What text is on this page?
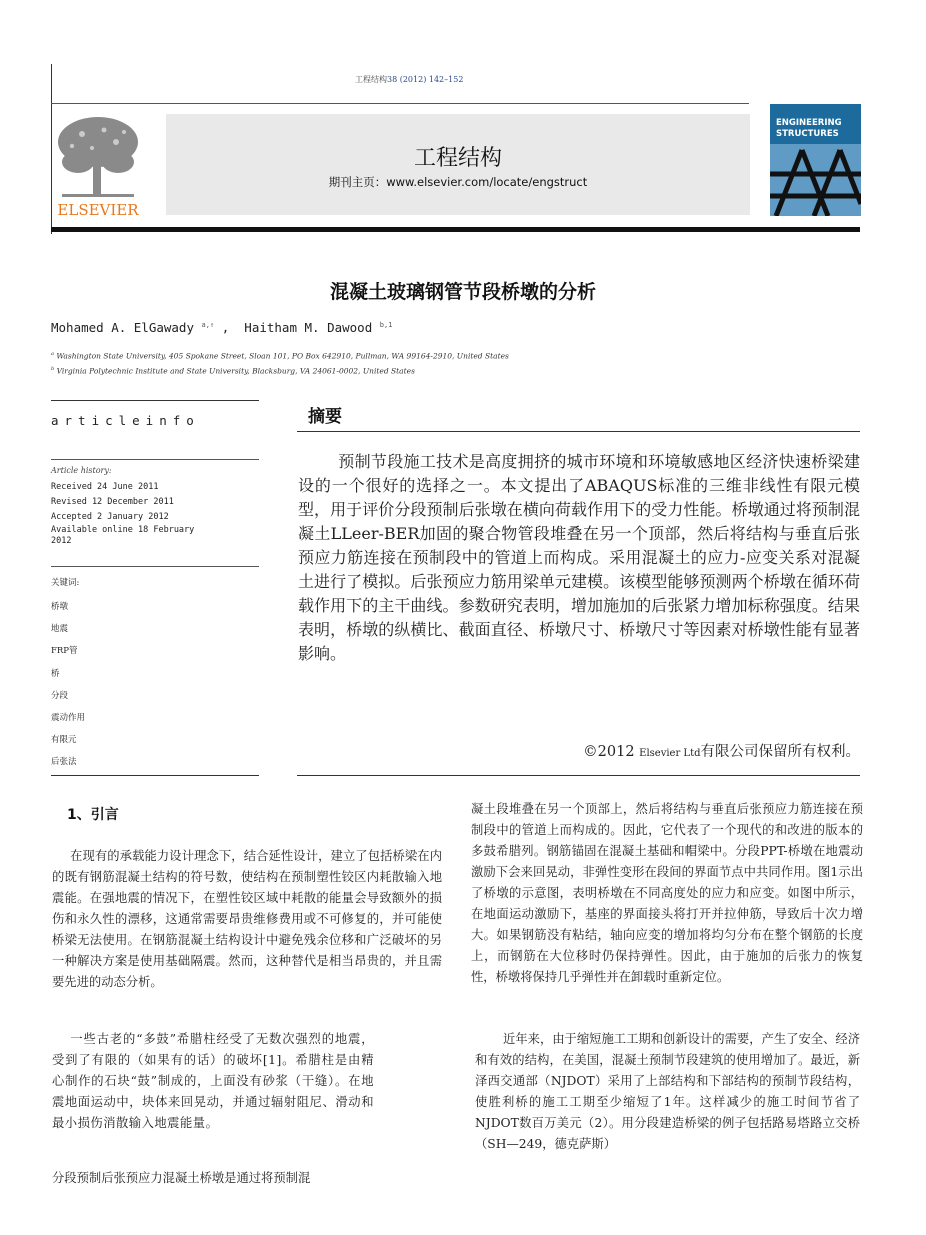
工程结构38 (2012) 142–152
ELSEVIER
工程结构
期刊主页：www.elsevier.com/locate/engstruct
ENGINEERING
STRUCTURES
混凝土玻璃钢管节段桥墩的分析
Mohamed A. ElGawady $^{a,⇑}$ ,  Haitham M. Dawood $^{b,1}$
$^a$ Washington State University, 405 Spokane Street, Sloan 101, PO Box 642910, Pullman, WA 99164-2910, United States
$^b$ Virginia Polytechnic Institute and State University, Blacksburg, VA 24061-0002, United States
articleinfo
Article history:
Received 24 June 2011
Revised 12 December 2011
Accepted 2 January 2012
Available online 18 February 2012
关键词:
桥墩
地震
FRP管
桥
分段
震动作用
有限元
后张法
摘要
预制节段施工技术是高度拥挤的城市环境和环境敏感地区经济快速桥梁建设的一个很好的选择之一。本文提出了ABAQUS标准的三维非线性有限元模型，用于评价分段预制后张墩在横向荷载作用下的受力性能。桥墩通过将预制混凝土LLeer-BER加固的聚合物管段堆叠在另一个顶部，然后将结构与垂直后张预应力筋连接在预制段中的管道上而构成。采用混凝土的应力-应变关系对混凝土进行了模拟。后张预应力筋用梁单元建模。该模型能够预测两个桥墩在循环荷载作用下的主干曲线。参数研究表明，增加施加的后张紧力增加标称强度。结果表明，桥墩的纵横比、截面直径、桥墩尺寸、桥墩尺寸等因素对桥墩性能有显著影响。
©2012 Elsevier Ltd有限公司保留所有权利。
1、引言
在现有的承载能力设计理念下，结合延性设计，建立了包括桥梁在内的既有钢筋混凝土结构的符号数，使结构在预制塑性铰区内耗散输入地震能。在强地震的情况下，在塑性铰区域中耗散的能量会导致额外的损伤和永久性的漂移，这通常需要昂贵维修费用或不可修复的，并可能使桥梁无法使用。在钢筋混凝土结构设计中避免残余位移和广泛破坏的另一种解决方案是使用基础隔震。然而，这种替代是相当昂贵的，并且需要先进的动态分析。
一些古老的“多鼓”希腊柱经受了无数次强烈的地震，受到了有限的（如果有的话）的破坏[1]。希腊柱是由精心制作的石块“鼓”制成的，上面没有砂浆（干缝）。在地震地面运动中，块体来回晃动，并通过辐射阻尼、滑动和最小损伤消散输入地震能量。
分段预制后张预应力混凝土桥墩是通过将预制混
凝土段堆叠在另一个顶部上，然后将结构与垂直后张预应力筋连接在预制段中的管道上而构成的。因此，它代表了一个现代的和改进的版本的多鼓希腊列。钢筋锚固在混凝土基础和帽梁中。分段PPT-桥墩在地震动激励下会来回晃动，非弹性变形在段间的界面节点中共同作用。图1示出了桥墩的示意图，表明桥墩在不同高度处的应力和应变。如图中所示，在地面运动激励下，基座的界面接头将打开并拉伸筋，导致后十次力增大。如果钢筋没有粘结，轴向应变的增加将均匀分布在整个钢筋的长度上，而钢筋在大位移时仍保持弹性。因此，由于施加的后张力的恢复性，桥墩将保持几乎弹性并在卸载时重新定位。
近年来，由于缩短施工工期和创新设计的需要，产生了安全、经济和有效的结构，在美国，混凝土预制节段建筑的使用增加了。最近，新泽西交通部（NJDOT）采用了上部结构和下部结构的预制节段结构，使胜利桥的施工工期至少缩短了1年。这样减少的施工时间节省了NJDOT数百万美元（2）。用分段建造桥梁的例子包括路易塔路立交桥（SH—249，德克萨斯）
